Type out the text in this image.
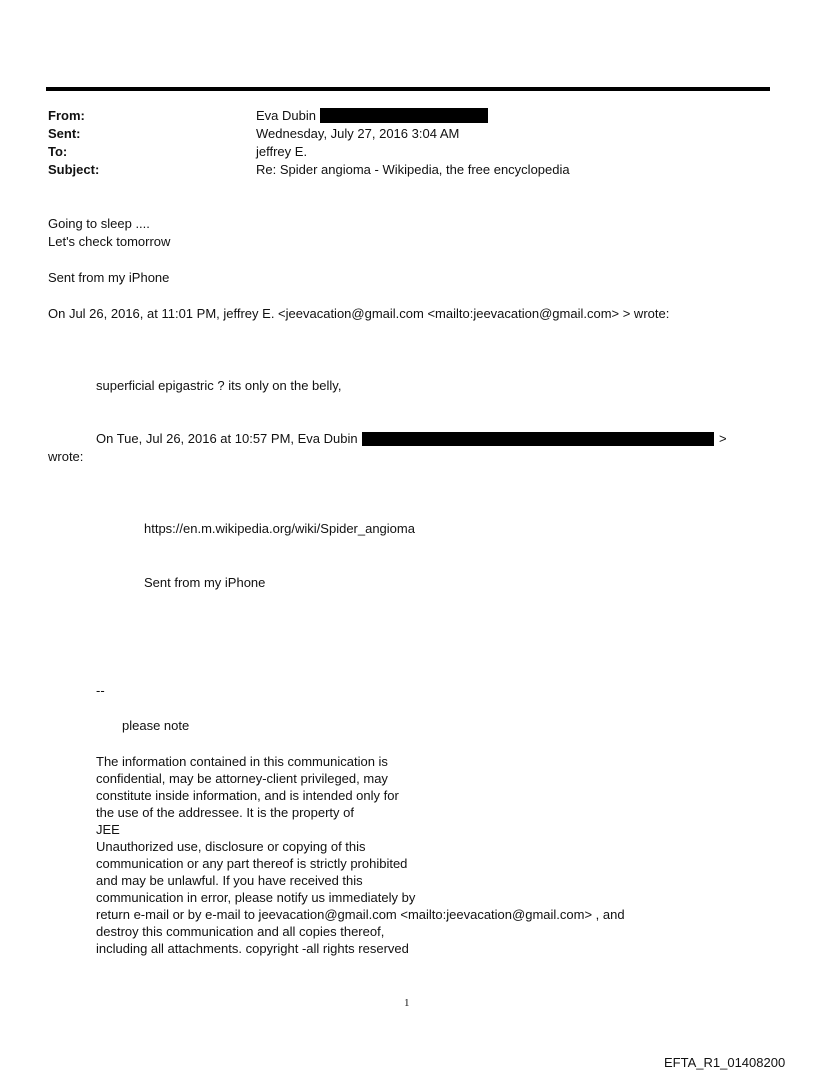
From:	Eva Dubin
Sent:	Wednesday, July 27, 2016 3:04 AM
To:	jeffrey E.
Subject:	Re: Spider angioma - Wikipedia, the free encyclopedia
Going to sleep ....
Let's check tomorrow
Sent from my iPhone
On Jul 26, 2016, at 11:01 PM, jeffrey E. <jeevacation@gmail.com <mailto:jeevacation@gmail.com> > wrote:
superficial epigastric ? its only on the belly,
On Tue, Jul 26, 2016 at 10:57 PM, Eva Dubin	>
wrote:
https://en.m.wikipedia.org/wiki/Spider_angioma
Sent from my iPhone
--
please note
The information contained in this communication is
confidential, may be attorney-client privileged, may
constitute inside information, and is intended only for
the use of the addressee. It is the property of
JEE
Unauthorized use, disclosure or copying of this
communication or any part thereof is strictly prohibited
and may be unlawful. If you have received this
communication in error, please notify us immediately by
return e-mail or by e-mail to jeevacation@gmail.com <mailto:jeevacation@gmail.com> , and
destroy this communication and all copies thereof,
including all attachments. copyright -all rights reserved
1
EFTA_R1_01408200
